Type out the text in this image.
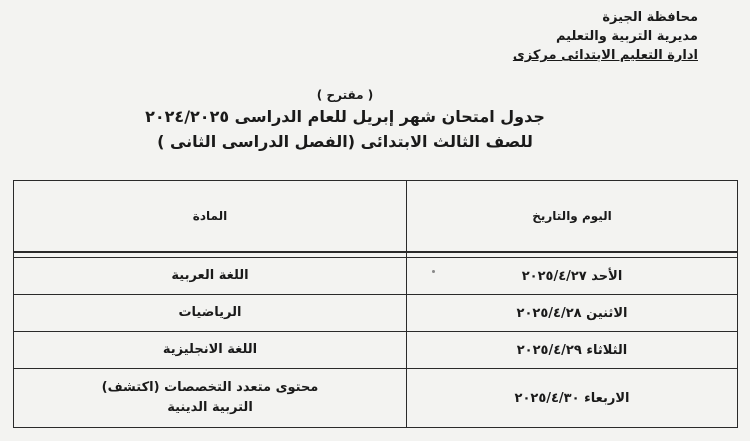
محافظة الجيزة
مديرية التربية والتعليم
ادارة التعليم الابتدائى مركزى
( مقترح )
جدول امتحان شهر إبريل للعام الدراسى ٢٠٢٤/٢٠٢٥
للصف الثالث الابتدائى (الفصل الدراسى الثانى )
اليوم والتاريخ	المادة

الأحد ٢٠٢٥/٤/٢٧	اللغة العربية

الاثنين ٢٠٢٥/٤/٢٨	الرياضيات

الثلاثاء ٢٠٢٥/٤/٢٩	اللغة الانجليزية

الاربعاء ٢٠٢٥/٤/٣٠	محتوى متعدد التخصصات (اكتشف)
التربية الدينية
